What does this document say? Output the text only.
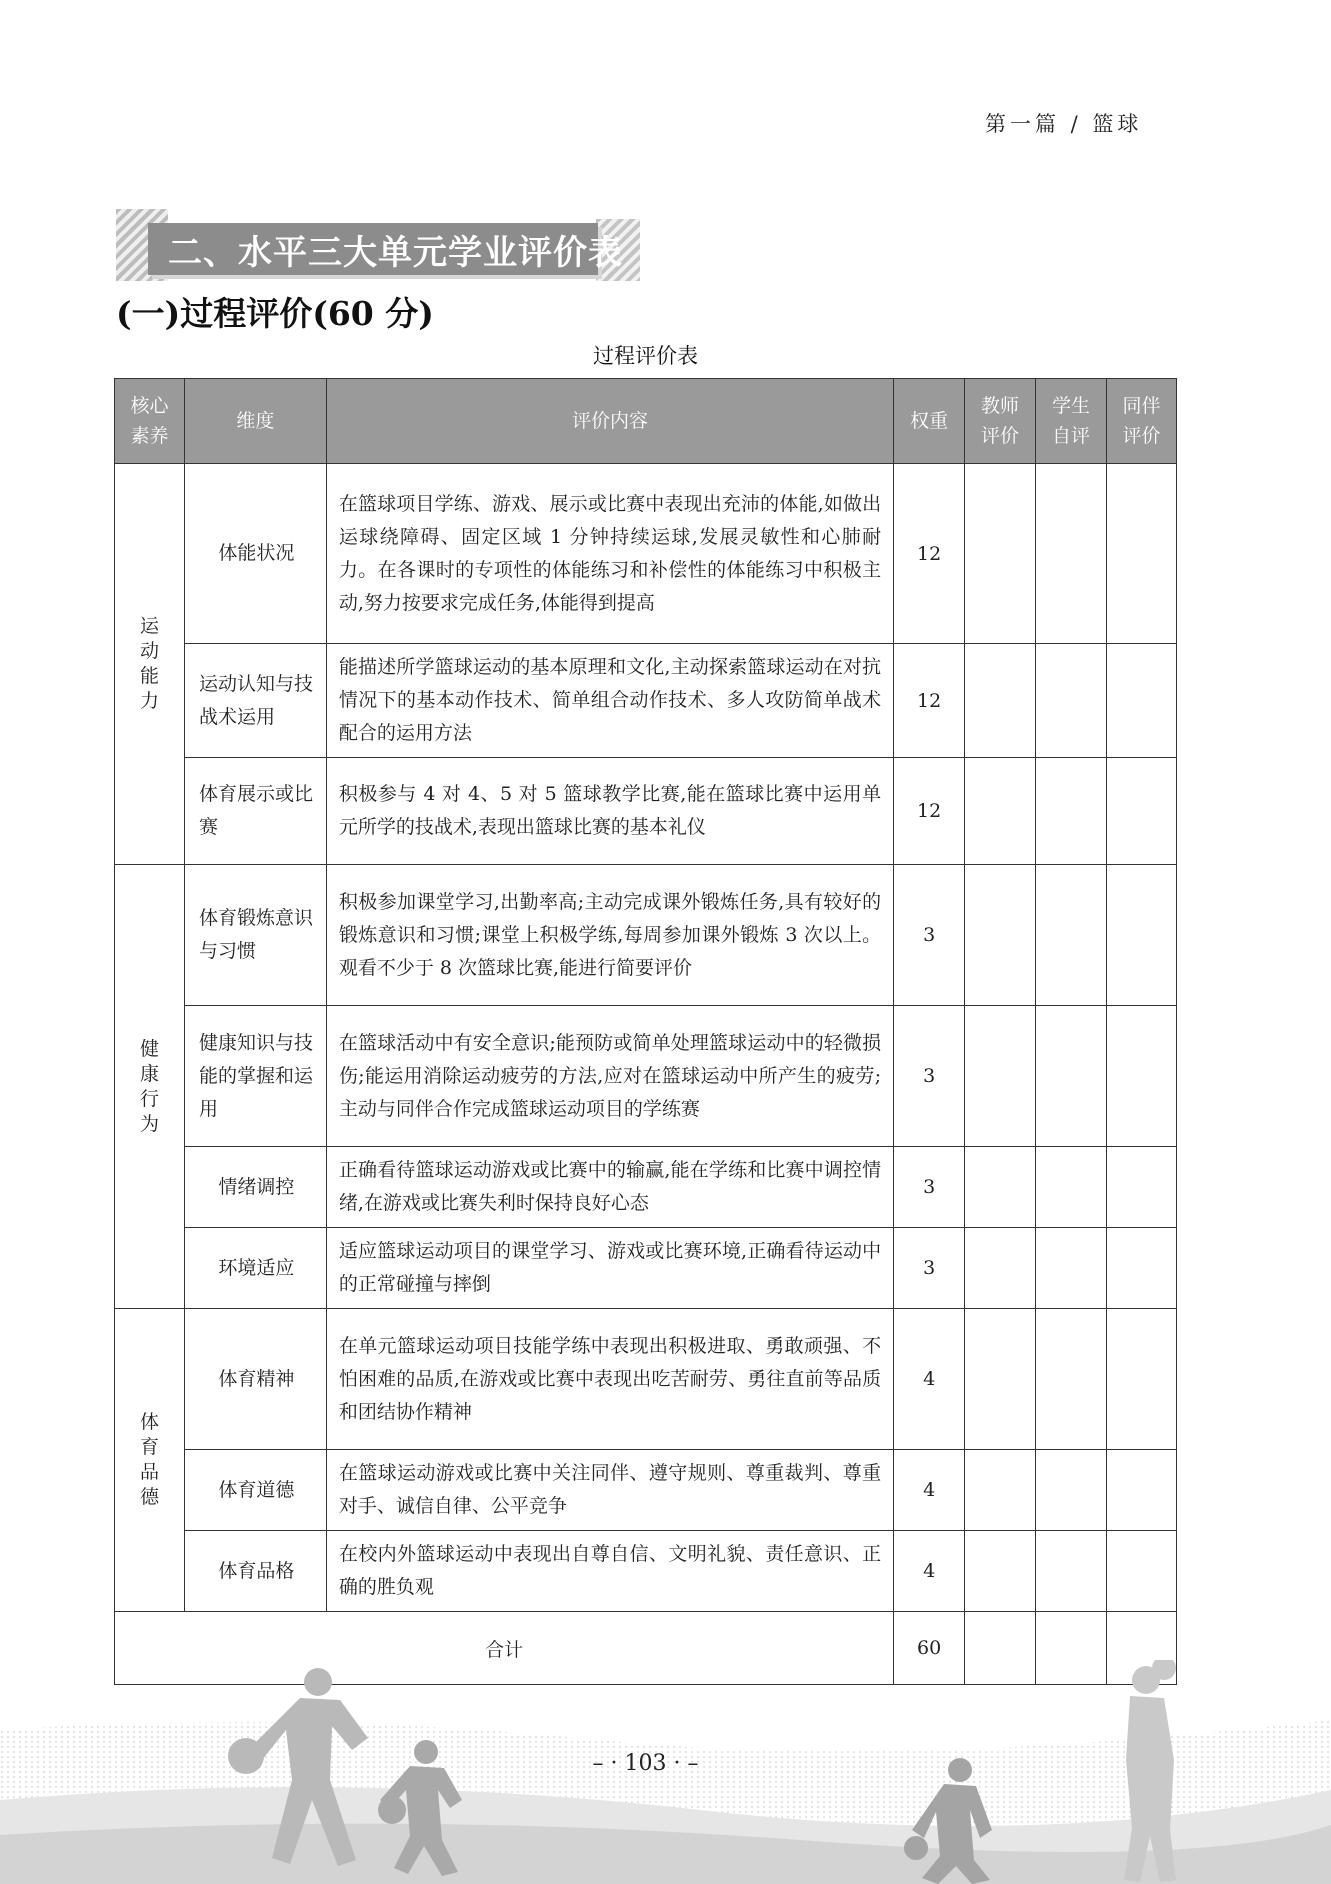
第一篇 / 篮球
二、水平三大单元学业评价表
(一)过程评价(60 分)
过程评价表
核心素养	维度	评价内容	权重	教师评价	学生自评	同伴评价
运动能力	体能状况	在篮球项目学练、游戏、展示或比赛中表现出充沛的体能,如做出运球绕障碍、固定区域 1 分钟持续运球,发展灵敏性和心肺耐力。在各课时的专项性的体能练习和补偿性的体能练习中积极主动,努力按要求完成任务,体能得到提高	12			
	运动认知与技战术运用	能描述所学篮球运动的基本原理和文化,主动探索篮球运动在对抗情况下的基本动作技术、简单组合动作技术、多人攻防简单战术配合的运用方法	12			
	体育展示或比赛	积极参与 4 对 4、5 对 5 篮球教学比赛,能在篮球比赛中运用单元所学的技战术,表现出篮球比赛的基本礼仪	12			
健康行为	体育锻炼意识与习惯	积极参加课堂学习,出勤率高;主动完成课外锻炼任务,具有较好的锻炼意识和习惯;课堂上积极学练,每周参加课外锻炼 3 次以上。观看不少于 8 次篮球比赛,能进行简要评价	3			
	健康知识与技能的掌握和运用	在篮球活动中有安全意识;能预防或简单处理篮球运动中的轻微损伤;能运用消除运动疲劳的方法,应对在篮球运动中所产生的疲劳;主动与同伴合作完成篮球运动项目的学练赛	3			
	情绪调控	正确看待篮球运动游戏或比赛中的输赢,能在学练和比赛中调控情绪,在游戏或比赛失利时保持良好心态	3			
	环境适应	适应篮球运动项目的课堂学习、游戏或比赛环境,正确看待运动中的正常碰撞与摔倒	3			
体育品德	体育精神	在单元篮球运动项目技能学练中表现出积极进取、勇敢顽强、不怕困难的品质,在游戏或比赛中表现出吃苦耐劳、勇往直前等品质和团结协作精神	4			
	体育道德	在篮球运动游戏或比赛中关注同伴、遵守规则、尊重裁判、尊重对手、诚信自律、公平竞争	4			
	体育品格	在校内外篮球运动中表现出自尊自信、文明礼貌、责任意识、正确的胜负观	4			
合计			60			
– · 103 · –
